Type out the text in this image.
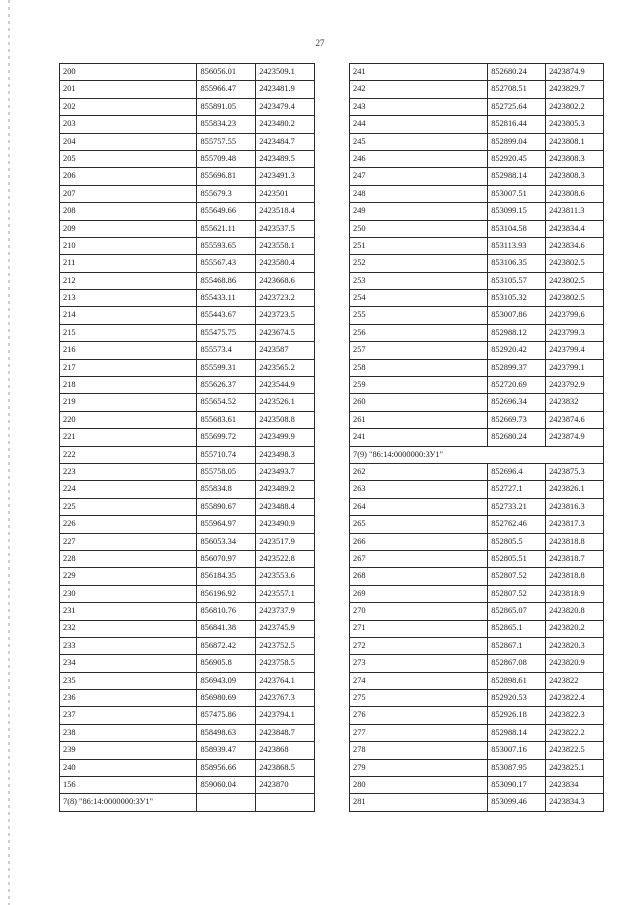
27
200	856056.01	2423509.1
201	855966.47	2423481.9
202	855891.05	2423479.4
203	855834.23	2423480.2
204	855757.55	2423484.7
205	855709.48	2423489.5
206	855696.81	2423491.3
207	855679.3	2423501
208	855649.66	2423518.4
209	855621.11	2423537.5
210	855593.65	2423558.1
211	855567.43	2423580.4
212	855468.86	2423668.6
213	855433.11	2423723.2
214	855443.67	2423723.5
215	855475.75	2423674.5
216	855573.4	2423587
217	855599.31	2423565.2
218	855626.37	2423544.9
219	855654.52	2423526.1
220	855683.61	2423508.8
221	855699.72	2423499.9
222	855710.74	2423498.3
223	855758.05	2423493.7
224	855834.8	2423489.2
225	855890.67	2423488.4
226	855964.97	2423490.9
227	856053.34	2423517.9
228	856070.97	2423522.8
229	856184.35	2423553.6
230	856196.92	2423557.1
231	856810.76	2423737.9
232	856841.38	2423745.9
233	856872.42	2423752.5
234	856905.8	2423758.5
235	856943.09	2423764.1
236	856980.69	2423767.3
237	857475.86	2423794.1
238	858498.63	2423848.7
239	858939.47	2423868
240	858956.66	2423868.5
156	859060.04	2423870
7(8) "86:14:0000000:ЗУ1"		
241	852680.24	2423874.9
242	852708.51	2423829.7
243	852725.64	2423802.2
244	852816.44	2423805.3
245	852899.04	2423808.1
246	852920.45	2423808.3
247	852988.14	2423808.3
248	853007.51	2423808.6
249	853099.15	2423811.3
250	853104.58	2423834.4
251	853113.93	2423834.6
252	853106.35	2423802.5
253	853105.57	2423802.5
254	853105.32	2423802.5
255	853007.86	2423799.6
256	852988.12	2423799.3
257	852920.42	2423799.4
258	852899.37	2423799.1
259	852720.69	2423792.9
260	852696.34	2423832
261	852669.73	2423874.6
241	852680.24	2423874.9
7(9) "86:14:0000000:ЗУ1"		
262	852696.4	2423875.3
263	852727.1	2423826.1
264	852733.21	2423816.3
265	852762.46	2423817.3
266	852805.5	2423818.8
267	852805.51	2423818.7
268	852807.52	2423818.8
269	852807.52	2423818.9
270	852865.07	2423820.8
271	852865.1	2423820.2
272	852867.1	2423820.3
273	852867.08	2423820.9
274	852898.61	2423822
275	852920.53	2423822.4
276	852926.18	2423822.3
277	852988.14	2423822.2
278	853007.16	2423822.5
279	853087.95	2423825.1
280	853090.17	2423834
281	853099.46	2423834.3
